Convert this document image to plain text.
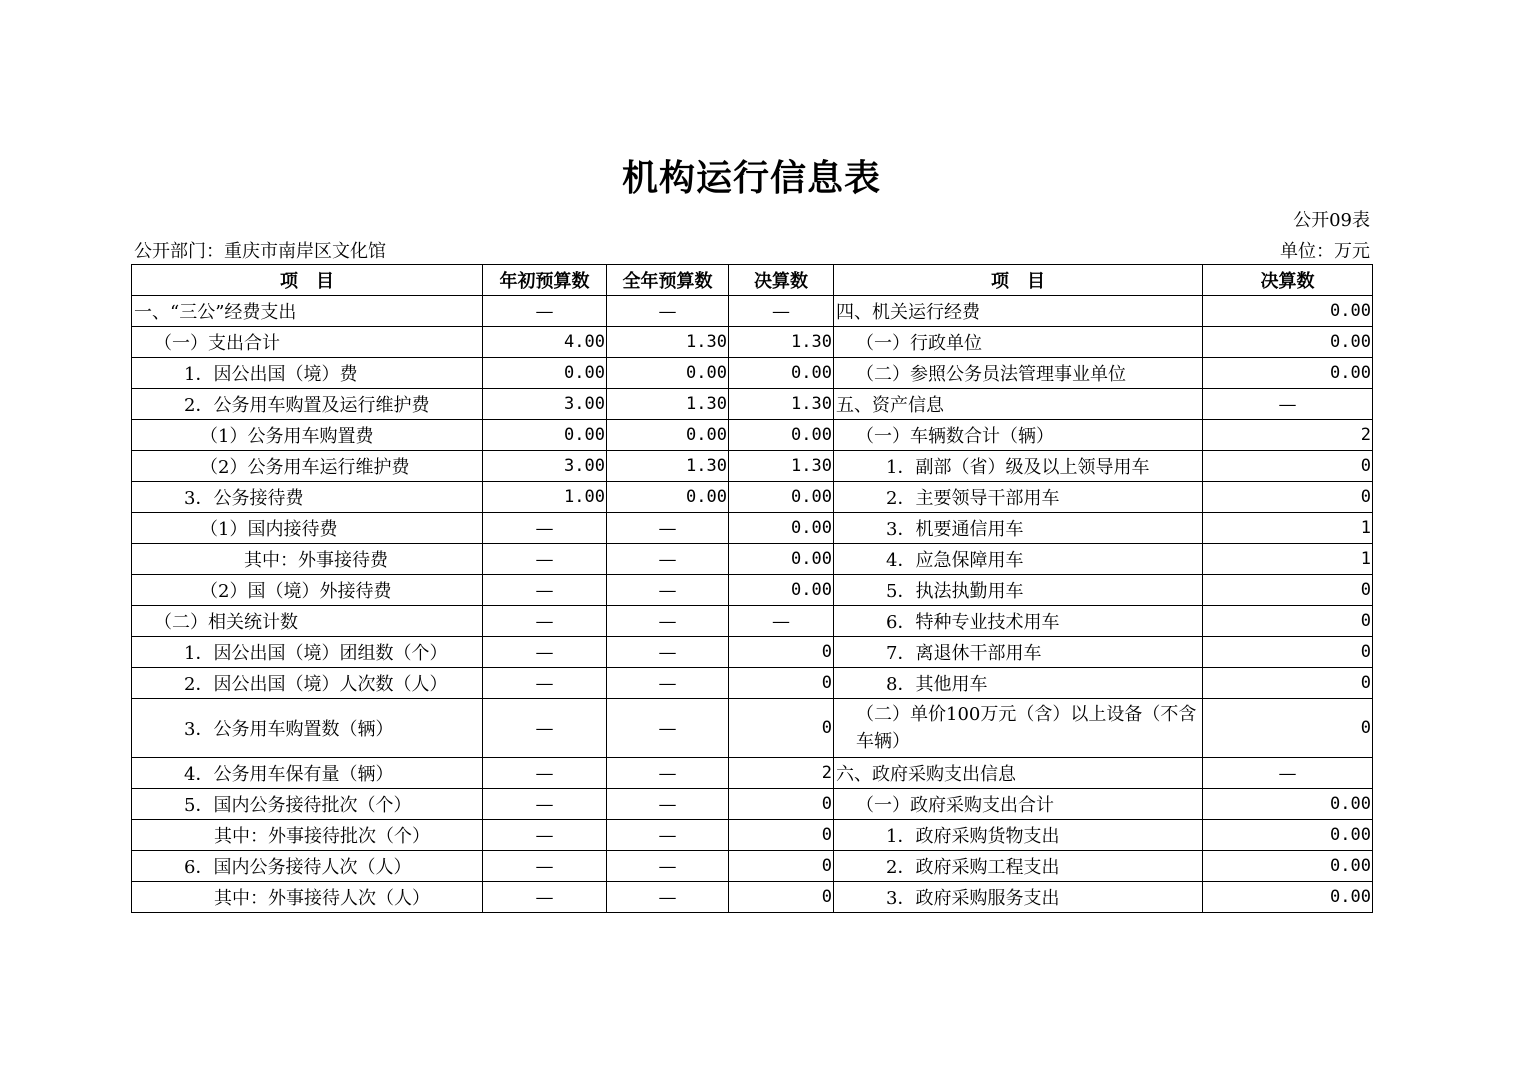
机构运行信息表
公开09表
公开部门：重庆市南岸区文化馆	单位：万元
项　目	年初预算数	全年预算数	决算数	项　目	决算数
一、“三公”经费支出	—	—	—	四、机关运行经费	0.00
（一）支出合计	4.00	1.30	1.30	（一）行政单位	0.00
1．因公出国（境）费	0.00	0.00	0.00	（二）参照公务员法管理事业单位	0.00
2．公务用车购置及运行维护费	3.00	1.30	1.30	五、资产信息	—
（1）公务用车购置费	0.00	0.00	0.00	（一）车辆数合计（辆）	2
（2）公务用车运行维护费	3.00	1.30	1.30	1．副部（省）级及以上领导用车	0
3．公务接待费	1.00	0.00	0.00	2．主要领导干部用车	0
（1）国内接待费	—	—	0.00	3．机要通信用车	1
其中：外事接待费	—	—	0.00	4．应急保障用车	1
（2）国（境）外接待费	—	—	0.00	5．执法执勤用车	0
（二）相关统计数	—	—	—	6．特种专业技术用车	0
1．因公出国（境）团组数（个）	—	—	0	7．离退休干部用车	0
2．因公出国（境）人次数（人）	—	—	0	8．其他用车	0
3．公务用车购置数（辆）	—	—	0	（二）单价100万元（含）以上设备（不含车辆）	0
4．公务用车保有量（辆）	—	—	2	六、政府采购支出信息	—
5．国内公务接待批次（个）	—	—	0	（一）政府采购支出合计	0.00
其中：外事接待批次（个）	—	—	0	1．政府采购货物支出	0.00
6．国内公务接待人次（人）	—	—	0	2．政府采购工程支出	0.00
其中：外事接待人次（人）	—	—	0	3．政府采购服务支出	0.00
